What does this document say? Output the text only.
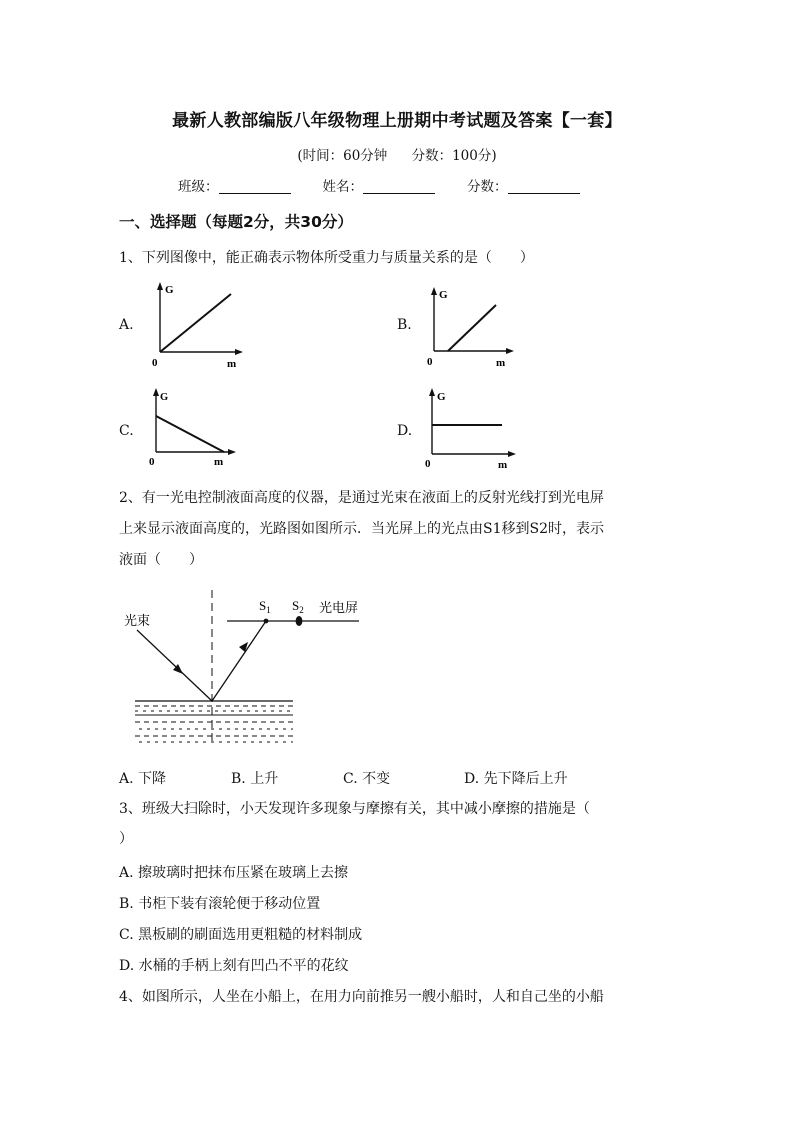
最新人教部编版八年级物理上册期中考试题及答案【一套】
(时间：60分钟 分数：100分)
班级：	姓名：	分数：
一、选择题（每题2分，共30分）
1、下列图像中，能正确表示物体所受重力与质量关系的是（　　）
A.
G
0	m
B.
G
0	m
C.
G
0	m
D.
G
0	m
2、有一光电控制液面高度的仪器，是通过光束在液面上的反射光线打到光电屏
上来显示液面高度的，光路图如图所示．当光屏上的光点由S1移到S2时，表示
液面（　　）
$S_1$ $S_2$ 光电屏
光束
A. 下降	B. 上升	C. 不变	D. 先下降后上升
3、班级大扫除时，小天发现许多现象与摩擦有关，其中减小摩擦的措施是（
）
A. 擦玻璃时把抹布压紧在玻璃上去擦
B. 书柜下装有滚轮便于移动位置
C. 黑板刷的刷面选用更粗糙的材料制成
D. 水桶的手柄上刻有凹凸不平的花纹
4、如图所示，人坐在小船上，在用力向前推另一艘小船时，人和自己坐的小船
